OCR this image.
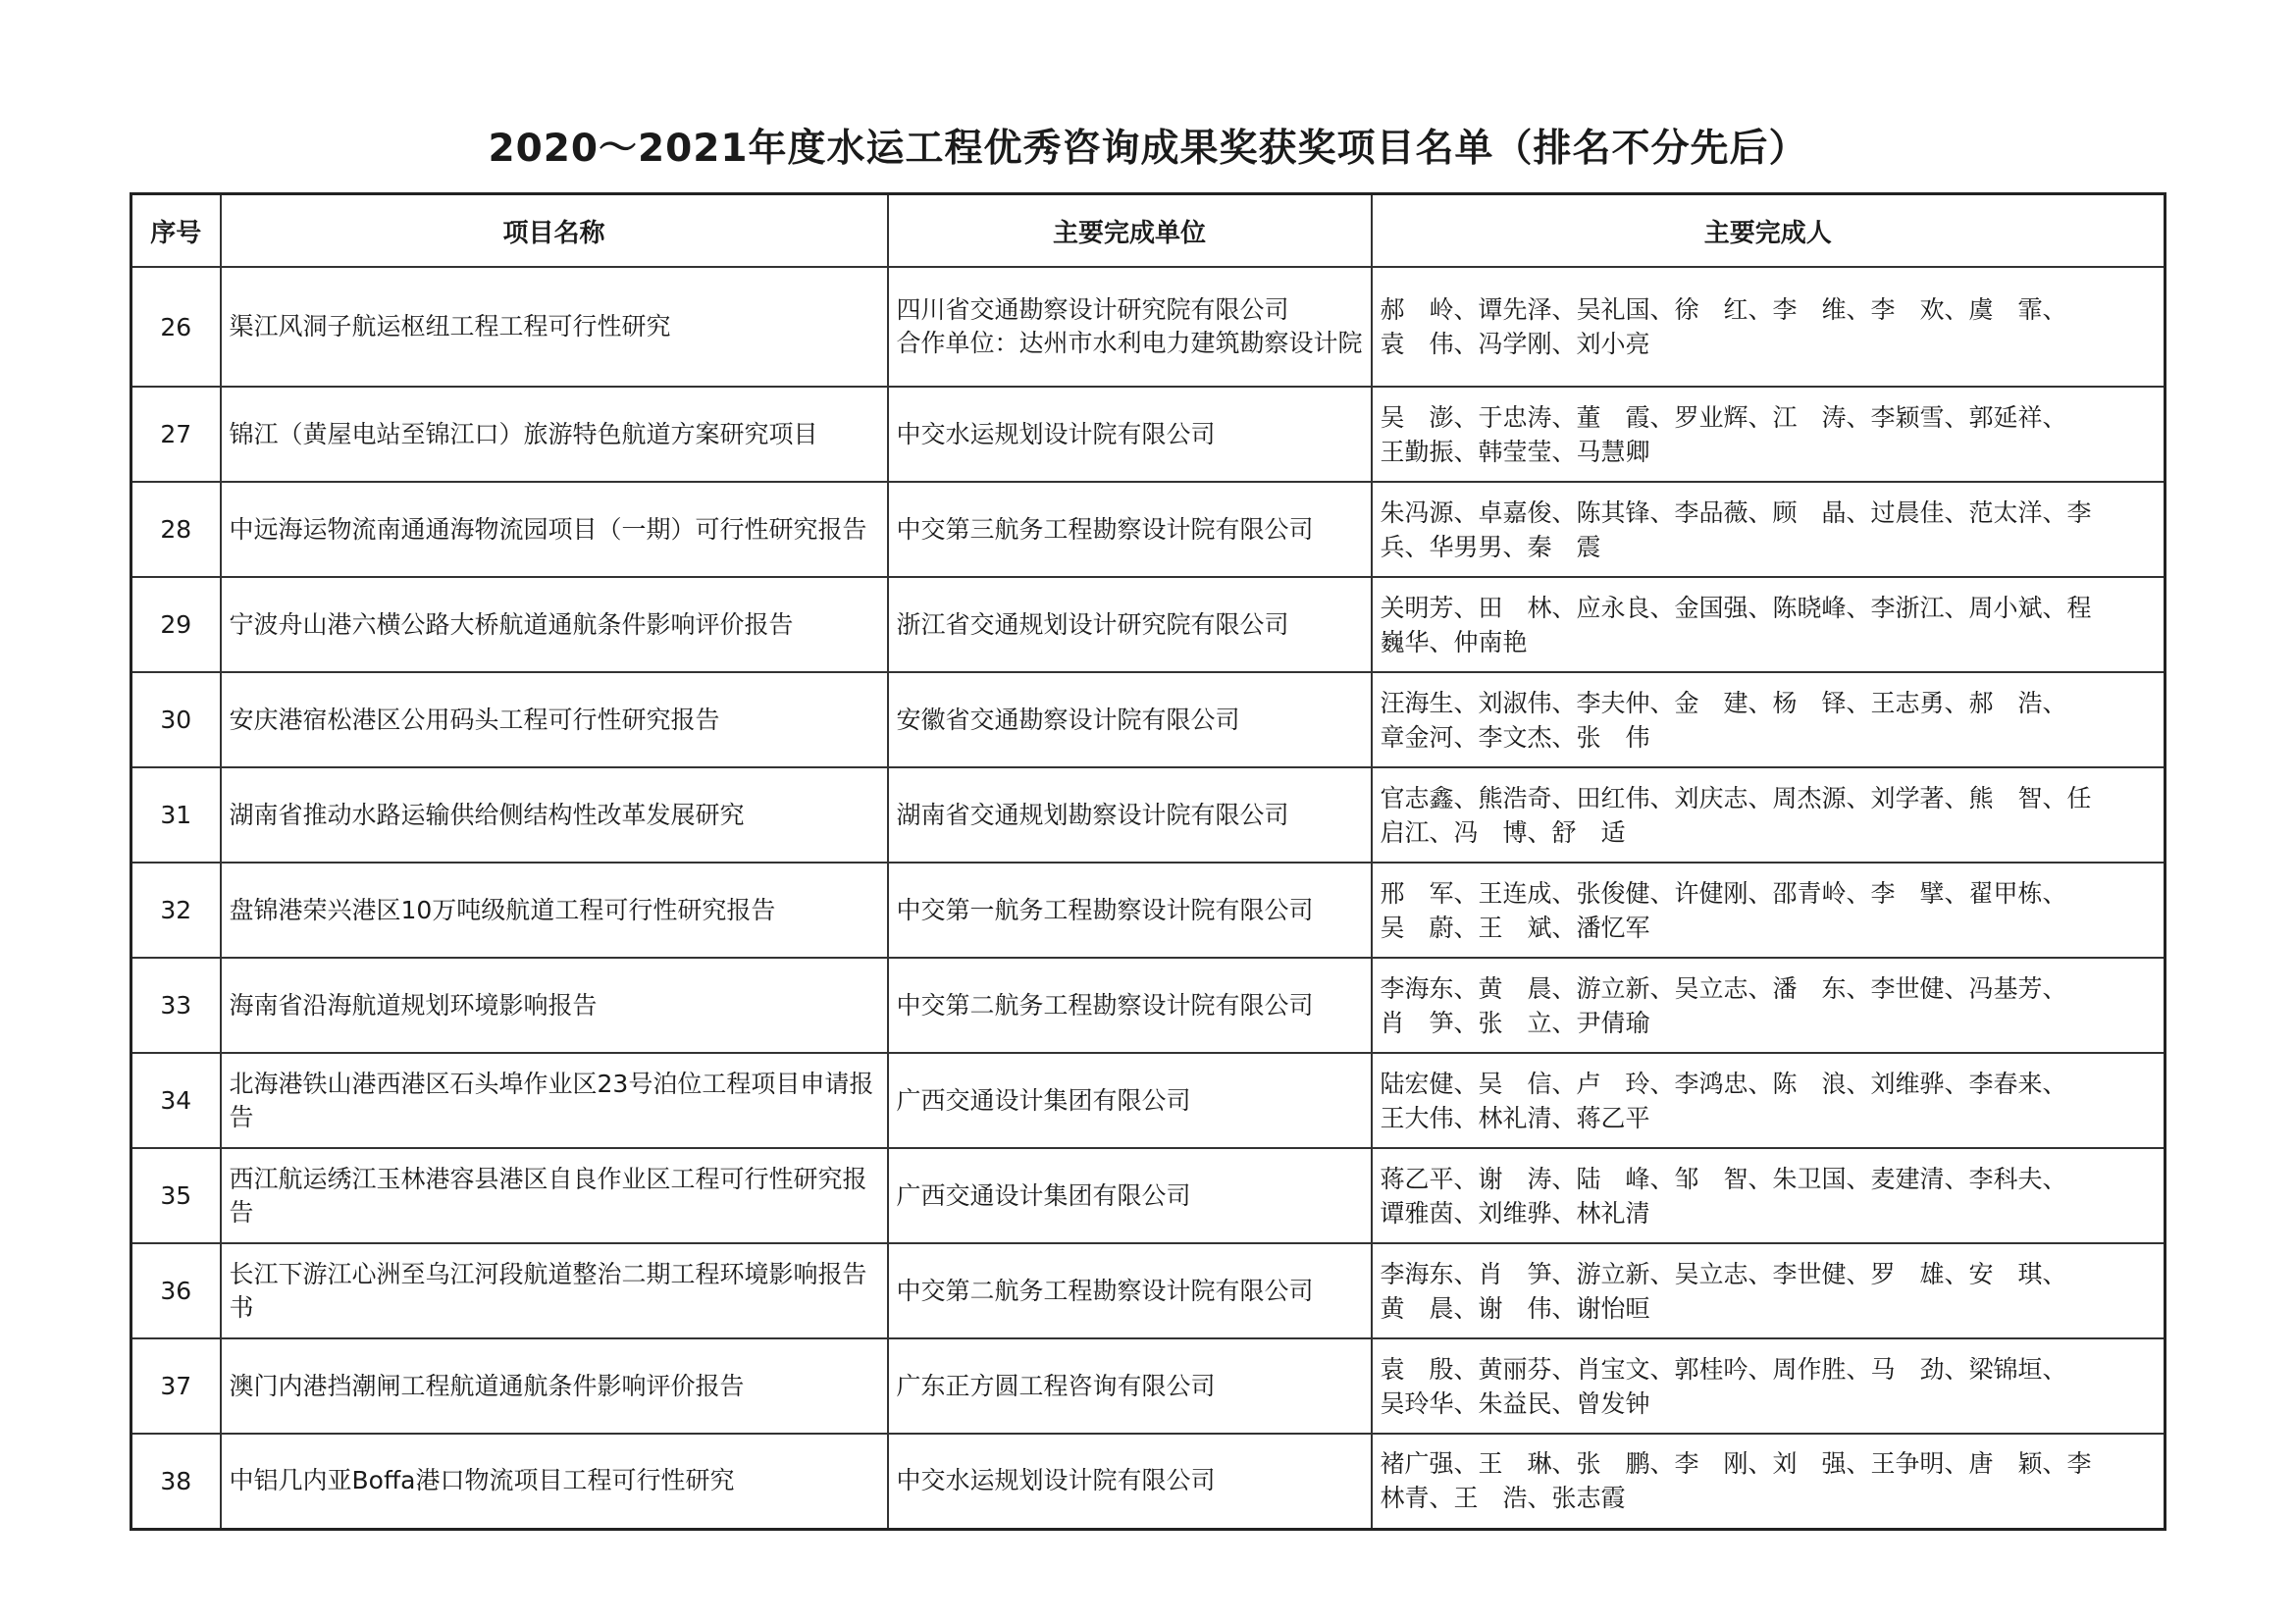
2020～2021年度水运工程优秀咨询成果奖获奖项目名单（排名不分先后）
序号	项目名称	主要完成单位	主要完成人
26	渠江风洞子航运枢纽工程工程可行性研究	四川省交通勘察设计研究院有限公司
合作单位：达州市水利电力建筑勘察设计院	郝　岭、谭先泽、吴礼国、徐　红、李　维、李　欢、虞　霏、
袁　伟、冯学刚、刘小亮
27	锦江（黄屋电站至锦江口）旅游特色航道方案研究项目	中交水运规划设计院有限公司	吴　澎、于忠涛、董　霞、罗业辉、江　涛、李颖雪、郭延祥、
王勤振、韩莹莹、马慧卿
28	中远海运物流南通通海物流园项目（一期）可行性研究报告	中交第三航务工程勘察设计院有限公司	朱冯源、卓嘉俊、陈其锋、李品薇、顾　晶、过晨佳、范太洋、李
兵、华男男、秦　震
29	宁波舟山港六横公路大桥航道通航条件影响评价报告	浙江省交通规划设计研究院有限公司	关明芳、田　林、应永良、金国强、陈晓峰、李浙江、周小斌、程
巍华、仲南艳
30	安庆港宿松港区公用码头工程可行性研究报告	安徽省交通勘察设计院有限公司	汪海生、刘淑伟、李夫仲、金　建、杨　铎、王志勇、郝　浩、
章金河、李文杰、张　伟
31	湖南省推动水路运输供给侧结构性改革发展研究	湖南省交通规划勘察设计院有限公司	官志鑫、熊浩奇、田红伟、刘庆志、周杰源、刘学著、熊　智、任
启江、冯　博、舒　适
32	盘锦港荣兴港区10万吨级航道工程可行性研究报告	中交第一航务工程勘察设计院有限公司	邢　军、王连成、张俊健、许健刚、邵青岭、李　擘、翟甲栋、
吴　蔚、王　斌、潘忆军
33	海南省沿海航道规划环境影响报告	中交第二航务工程勘察设计院有限公司	李海东、黄　晨、游立新、吴立志、潘　东、李世健、冯基芳、
肖　笋、张　立、尹倩瑜
34	北海港铁山港西港区石头埠作业区23号泊位工程项目申请报告	广西交通设计集团有限公司	陆宏健、吴　信、卢　玲、李鸿忠、陈　浪、刘维骅、李春来、
王大伟、林礼清、蒋乙平
35	西江航运绣江玉林港容县港区自良作业区工程可行性研究报告	广西交通设计集团有限公司	蒋乙平、谢　涛、陆　峰、邹　智、朱卫国、麦建清、李科夫、
谭雅茵、刘维骅、林礼清
36	长江下游江心洲至乌江河段航道整治二期工程环境影响报告书	中交第二航务工程勘察设计院有限公司	李海东、肖　笋、游立新、吴立志、李世健、罗　雄、安　琪、
黄　晨、谢　伟、谢怡晅
37	澳门内港挡潮闸工程航道通航条件影响评价报告	广东正方圆工程咨询有限公司	袁　殷、黄丽芬、肖宝文、郭桂吟、周作胜、马　劲、梁锦垣、
吴玲华、朱益民、曾发钟
38	中铝几内亚Boffa港口物流项目工程可行性研究	中交水运规划设计院有限公司	褚广强、王　琳、张　鹏、李　刚、刘　强、王争明、唐　颖、李
林青、王　浩、张志霞
